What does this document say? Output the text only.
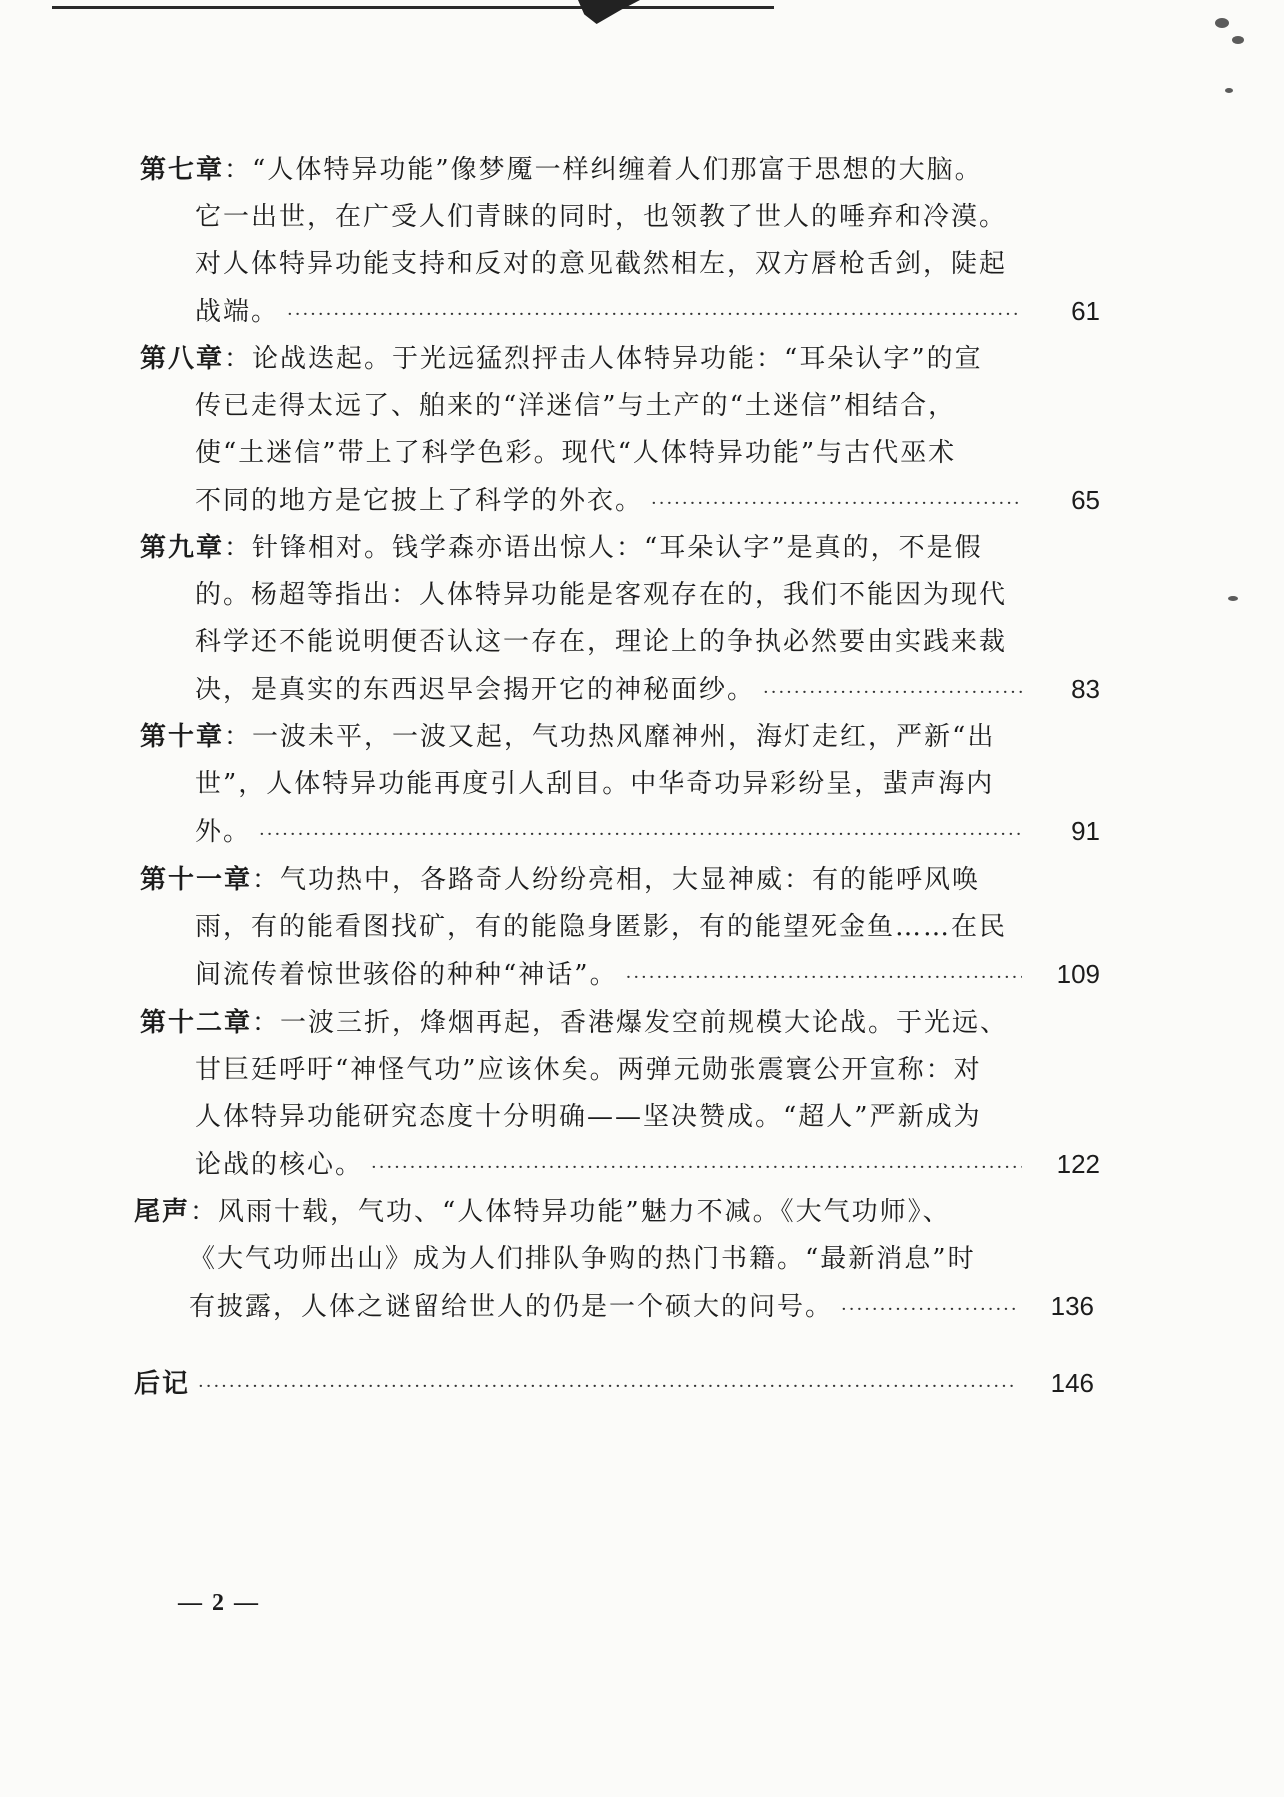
第七章：“人体特异功能”像梦魇一样纠缠着人们那富于思想的大脑。
它一出世，在广受人们青睐的同时，也领教了世人的唾弃和冷漠。
对人体特异功能支持和反对的意见截然相左，双方唇枪舌剑，陡起
战端。 ·····	61
第八章：论战迭起。于光远猛烈抨击人体特异功能：“耳朵认字”的宣
传已走得太远了、舶来的“洋迷信”与土产的“土迷信”相结合，
使“土迷信”带上了科学色彩。现代“人体特异功能”与古代巫术
不同的地方是它披上了科学的外衣。 ·····	65
第九章：针锋相对。钱学森亦语出惊人：“耳朵认字”是真的，不是假
的。杨超等指出：人体特异功能是客观存在的，我们不能因为现代
科学还不能说明便否认这一存在，理论上的争执必然要由实践来裁
决，是真实的东西迟早会揭开它的神秘面纱。 ·····	83
第十章：一波未平，一波又起，气功热风靡神州，海灯走红，严新“出
世”，人体特异功能再度引人刮目。中华奇功异彩纷呈，蜚声海内
外。 ·····	91
第十一章：气功热中，各路奇人纷纷亮相，大显神威：有的能呼风唤
雨，有的能看图找矿，有的能隐身匿影，有的能望死金鱼……在民
间流传着惊世骇俗的种种“神话”。 ·····	109
第十二章：一波三折，烽烟再起，香港爆发空前规模大论战。于光远、
甘巨廷呼吁“神怪气功”应该休矣。两弹元勋张震寰公开宣称：对
人体特异功能研究态度十分明确——坚决赞成。“超人”严新成为
论战的核心。 ·····	122
尾声：风雨十载，气功、“人体特异功能”魅力不减。《大气功师》、
《大气功师出山》成为人们排队争购的热门书籍。“最新消息”时
有披露，人体之谜留给世人的仍是一个硕大的问号。 ·····	136
后记 ·····	146
— 2 —
